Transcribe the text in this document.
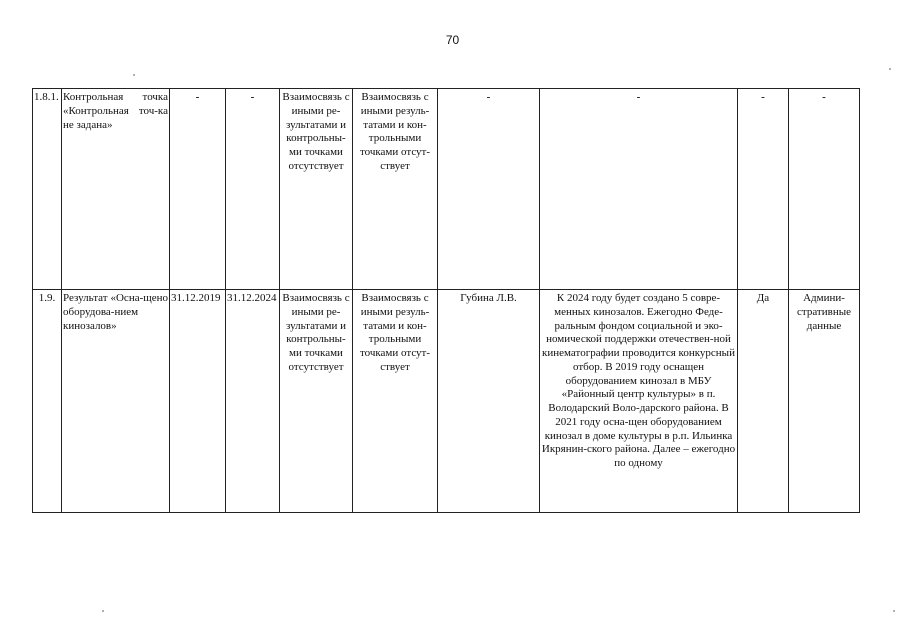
70
1.8.1.	Контрольная точка «Контрольная точ-ка не задана»	-	-	Взаимосвязь с иными ре-зультатами и контрольны-ми точками отсутствует	Взаимосвязь с иными резуль-татами и кон-трольными точками отсут-ствует	-	-	-	-
1.9.	Результат «Осна-щено оборудова-нием кинозалов»	31.12.2019	31.12.2024	Взаимосвязь с иными ре-зультатами и контрольны-ми точками отсутствует	Взаимосвязь с иными резуль-татами и кон-трольными точками отсут-ствует	Губина Л.В.	К 2024 году будет создано 5 совре-менных кинозалов. Ежегодно Феде-ральным фондом социальной и эко-номической поддержки отечествен-ной кинематографии проводится конкурсный отбор. В 2019 году оснащен оборудованием кинозал в МБУ «Районный центр культуры» в п. Володарский Воло-дарского района. В 2021 году осна-щен оборудованием кинозал в доме культуры в р.п. Ильинка Икрянин-ского района. Далее – ежегодно по одному	Да	Админи-стративные данные
